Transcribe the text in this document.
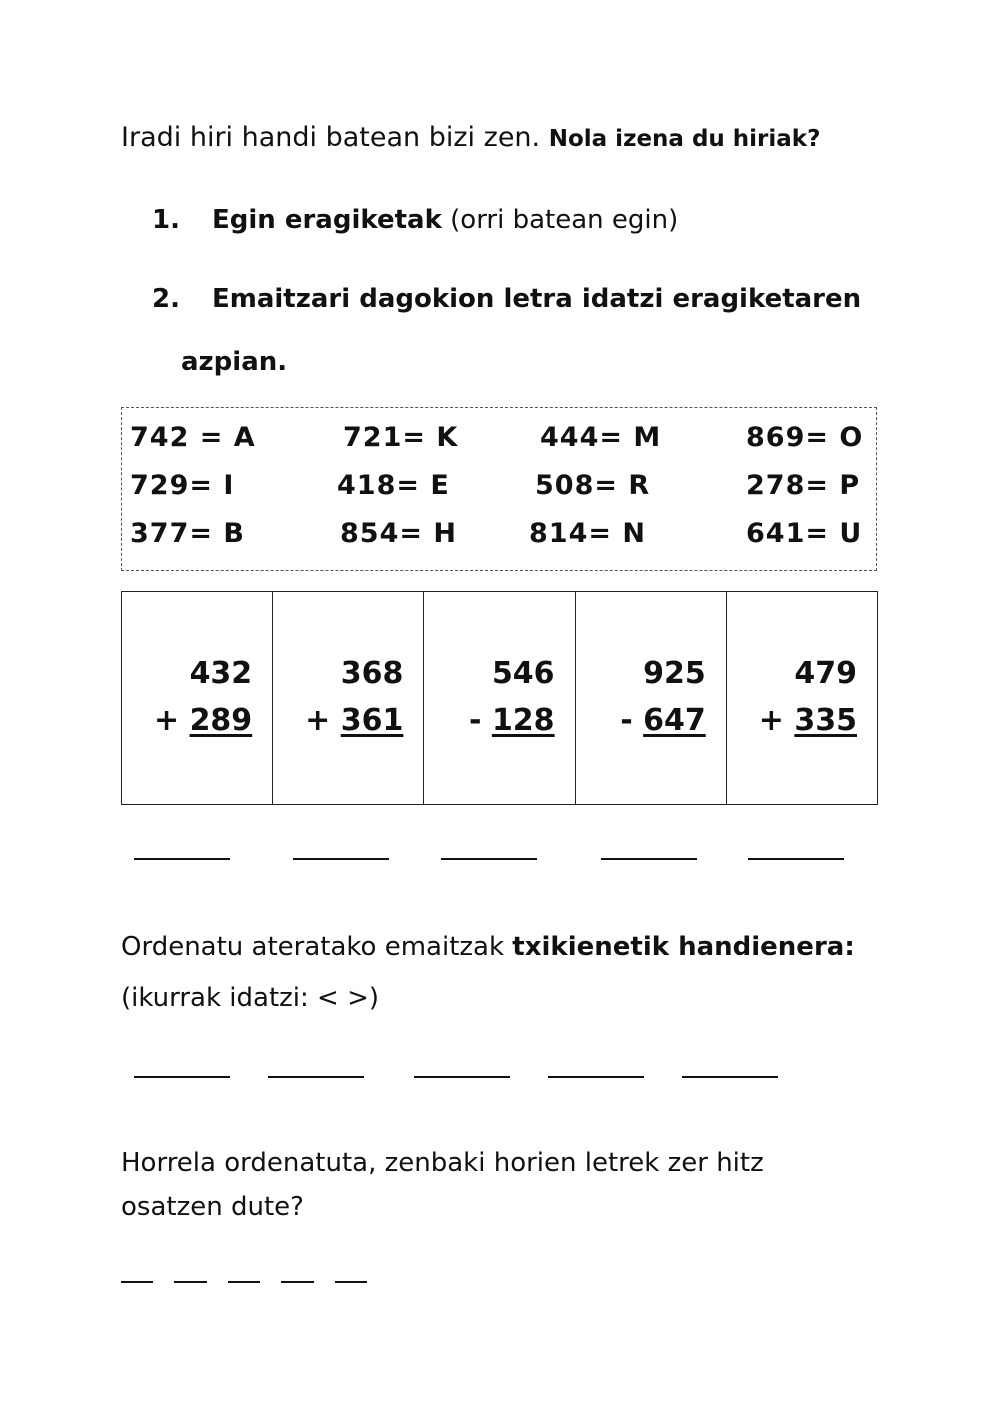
Iradi hiri handi batean bizi zen. Nola izena du hiriak?
1. Egin eragiketak (orri batean egin)
2. Emaitzari dagokion letra idatzi eragiketaren
azpian.
742 = A	721= K	444= M	869= O
729= I	418= E	508= R	278= P
377= B	854= H	814= N	641= U
432
+ 289

368
+ 361

546
- 128

925
- 647

479
+ 335
Ordenatu ateratako emaitzak txikienetik handienera:
(ikurrak idatzi: < >)
Horrela ordenatuta, zenbaki horien letrek zer hitz
osatzen dute?
